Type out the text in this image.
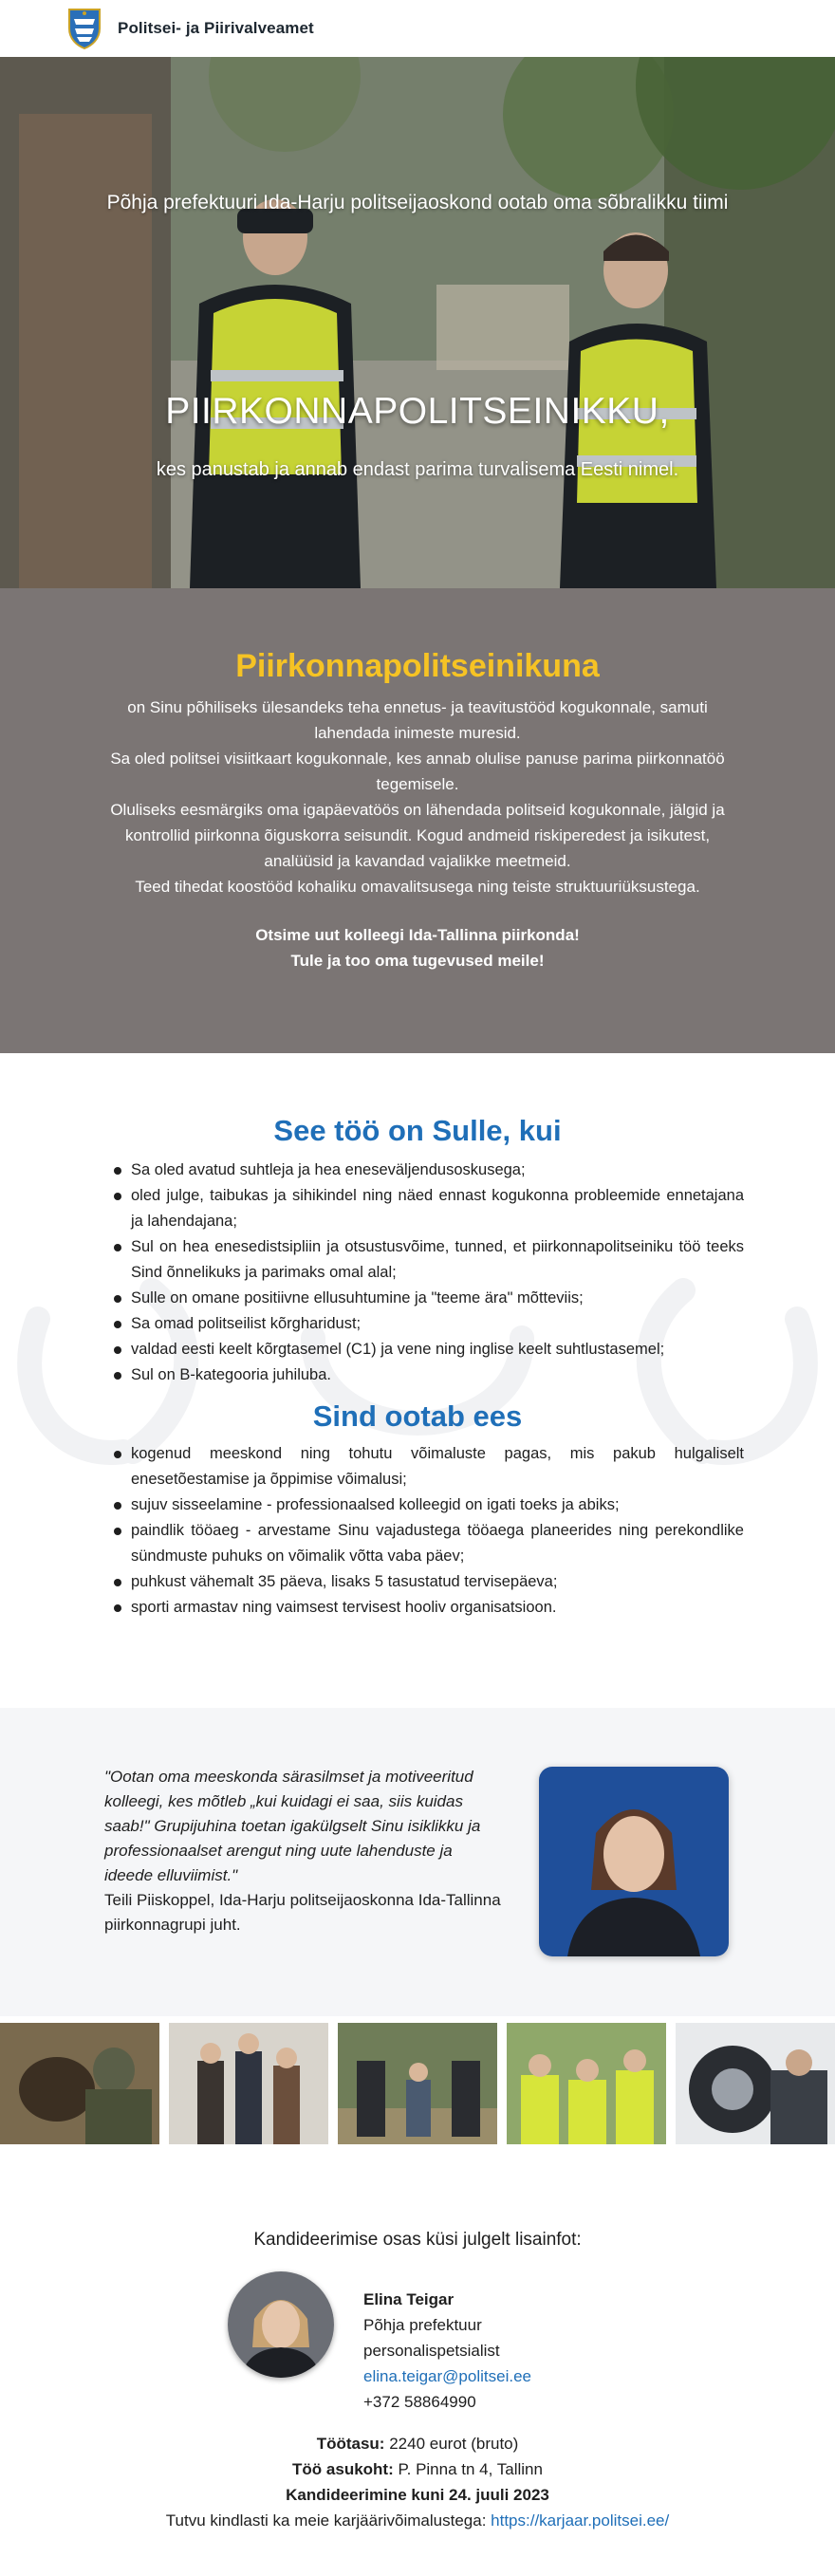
Politsei- ja Piirivalveamet
Põhja prefektuuri Ida-Harju politseijaoskond ootab oma sõbralikku tiimi
PIIRKONNAPOLITSEINIKKU,
kes panustab ja annab endast parima turvalisema Eesti nimel.
Piirkonnapolitseinikuna

on Sinu põhiliseks ülesandeks teha ennetus- ja teavitustööd kogukonnale, samuti lahendada inimeste muresid.

Sa oled politsei visiitkaart kogukonnale, kes annab olulise panuse parima piirkonnatöö tegemisele.

Oluliseks eesmärgiks oma igapäevatöös on lähendada politseid kogukonnale, jälgid ja kontrollid piirkonna õiguskorra seisundit. Kogud andmeid riskiperedest ja isikutest, analüüsid ja kavandad vajalikke meetmeid.

Teed tihedat koostööd kohaliku omavalitsusega ning teiste struktuuriüksustega.

Otsime uut kolleegi Ida-Tallinna piirkonda!
Tule ja too oma tugevused meile!
See töö on Sulle, kui
Sa oled avatud suhtleja ja hea eneseväljendusoskusega;
oled julge, taibukas ja sihikindel ning näed ennast kogukonna probleemide ennetajana ja lahendajana;
Sul on hea enesedistsipliin ja otsustusvõime, tunned, et piirkonnapolitseiniku töö teeks Sind õnnelikuks ja parimaks omal alal;
Sulle on omane positiivne ellusuhtumine ja "teeme ära" mõtteviis;
Sa omad politseilist kõrgharidust;
valdad eesti keelt kõrgtasemel (C1) ja vene ning inglise keelt suhtlustasemel;
Sul on B-kategooria juhiluba.
Sind ootab ees
kogenud meeskond ning tohutu võimaluste pagas, mis pakub hulgaliselt enesetõestamise ja õppimise võimalusi;
sujuv sisseelamine - professionaalsed kolleegid on igati toeks ja abiks;
paindlik tööaeg - arvestame Sinu vajadustega tööaega planeerides ning perekondlike sündmuste puhuks on võimalik võtta vaba päev;
puhkust vähemalt 35 päeva, lisaks 5 tasustatud tervisepäeva;
sporti armastav ning vaimsest tervisest hooliv organisatsioon.
"Ootan oma meeskonda särasilmset ja motiveeritud kolleegi, kes mõtleb „kui kuidagi ei saa, siis kuidas saab!" Grupijuhina toetan igakülgselt Sinu isiklikku ja professionaalset arengut ning uute lahenduste ja ideede elluviimist."
Teili Piiskoppel, Ida-Harju politseijaoskonna Ida-Tallinna piirkonnagrupi juht.
Kandideerimise osas küsi julgelt lisainfot:
Elina Teigar
Põhja prefektuur
personalispetsialist
elina.teigar@politsei.ee
+372 58864990
Töötasu: 2240 eurot (bruto)
Töö asukoht: P. Pinna tn 4, Tallinn
Kandideerimine kuni 24. juuli 2023
Tutvu kindlasti ka meie karjäärivõimalustega: https://karjaar.politsei.ee/
